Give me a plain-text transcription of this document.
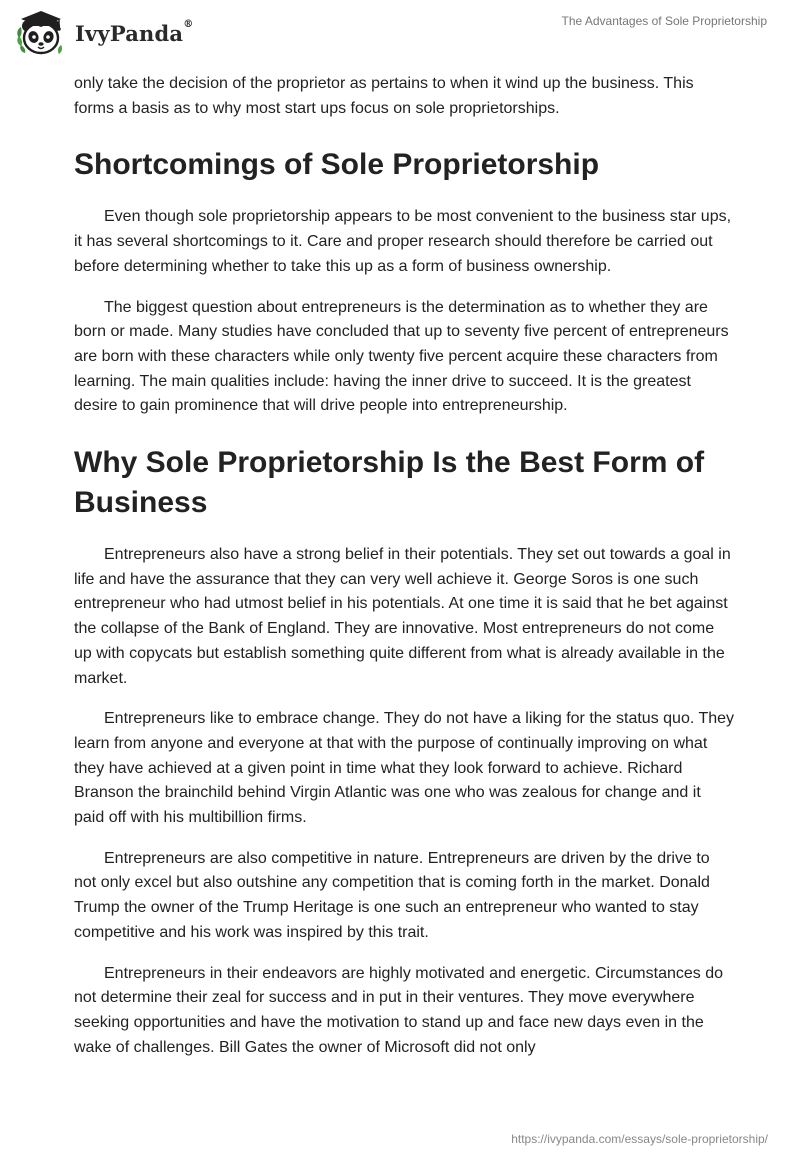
IvyPanda®	The Advantages of Sole Proprietorship

only take the decision of the proprietor as pertains to when it wind up the business. This forms a basis as to why most start ups focus on sole proprietorships.

Shortcomings of Sole Proprietorship

Even though sole proprietorship appears to be most convenient to the business star ups, it has several shortcomings to it. Care and proper research should therefore be carried out before determining whether to take this up as a form of business ownership.

The biggest question about entrepreneurs is the determination as to whether they are born or made. Many studies have concluded that up to seventy five percent of entrepreneurs are born with these characters while only twenty five percent acquire these characters from learning. The main qualities include: having the inner drive to succeed. It is the greatest desire to gain prominence that will drive people into entrepreneurship.

Why Sole Proprietorship Is the Best Form of Business

Entrepreneurs also have a strong belief in their potentials. They set out towards a goal in life and have the assurance that they can very well achieve it. George Soros is one such entrepreneur who had utmost belief in his potentials. At one time it is said that he bet against the collapse of the Bank of England. They are innovative. Most entrepreneurs do not come up with copycats but establish something quite different from what is already available in the market.

Entrepreneurs like to embrace change. They do not have a liking for the status quo. They learn from anyone and everyone at that with the purpose of continually improving on what they have achieved at a given point in time what they look forward to achieve. Richard Branson the brainchild behind Virgin Atlantic was one who was zealous for change and it paid off with his multibillion firms.

Entrepreneurs are also competitive in nature. Entrepreneurs are driven by the drive to not only excel but also outshine any competition that is coming forth in the market. Donald Trump the owner of the Trump Heritage is one such an entrepreneur who wanted to stay competitive and his work was inspired by this trait.

Entrepreneurs in their endeavors are highly motivated and energetic. Circumstances do not determine their zeal for success and in put in their ventures. They move everywhere seeking opportunities and have the motivation to stand up and face new days even in the wake of challenges. Bill Gates the owner of Microsoft did not only

https://ivypanda.com/essays/sole-proprietorship/
